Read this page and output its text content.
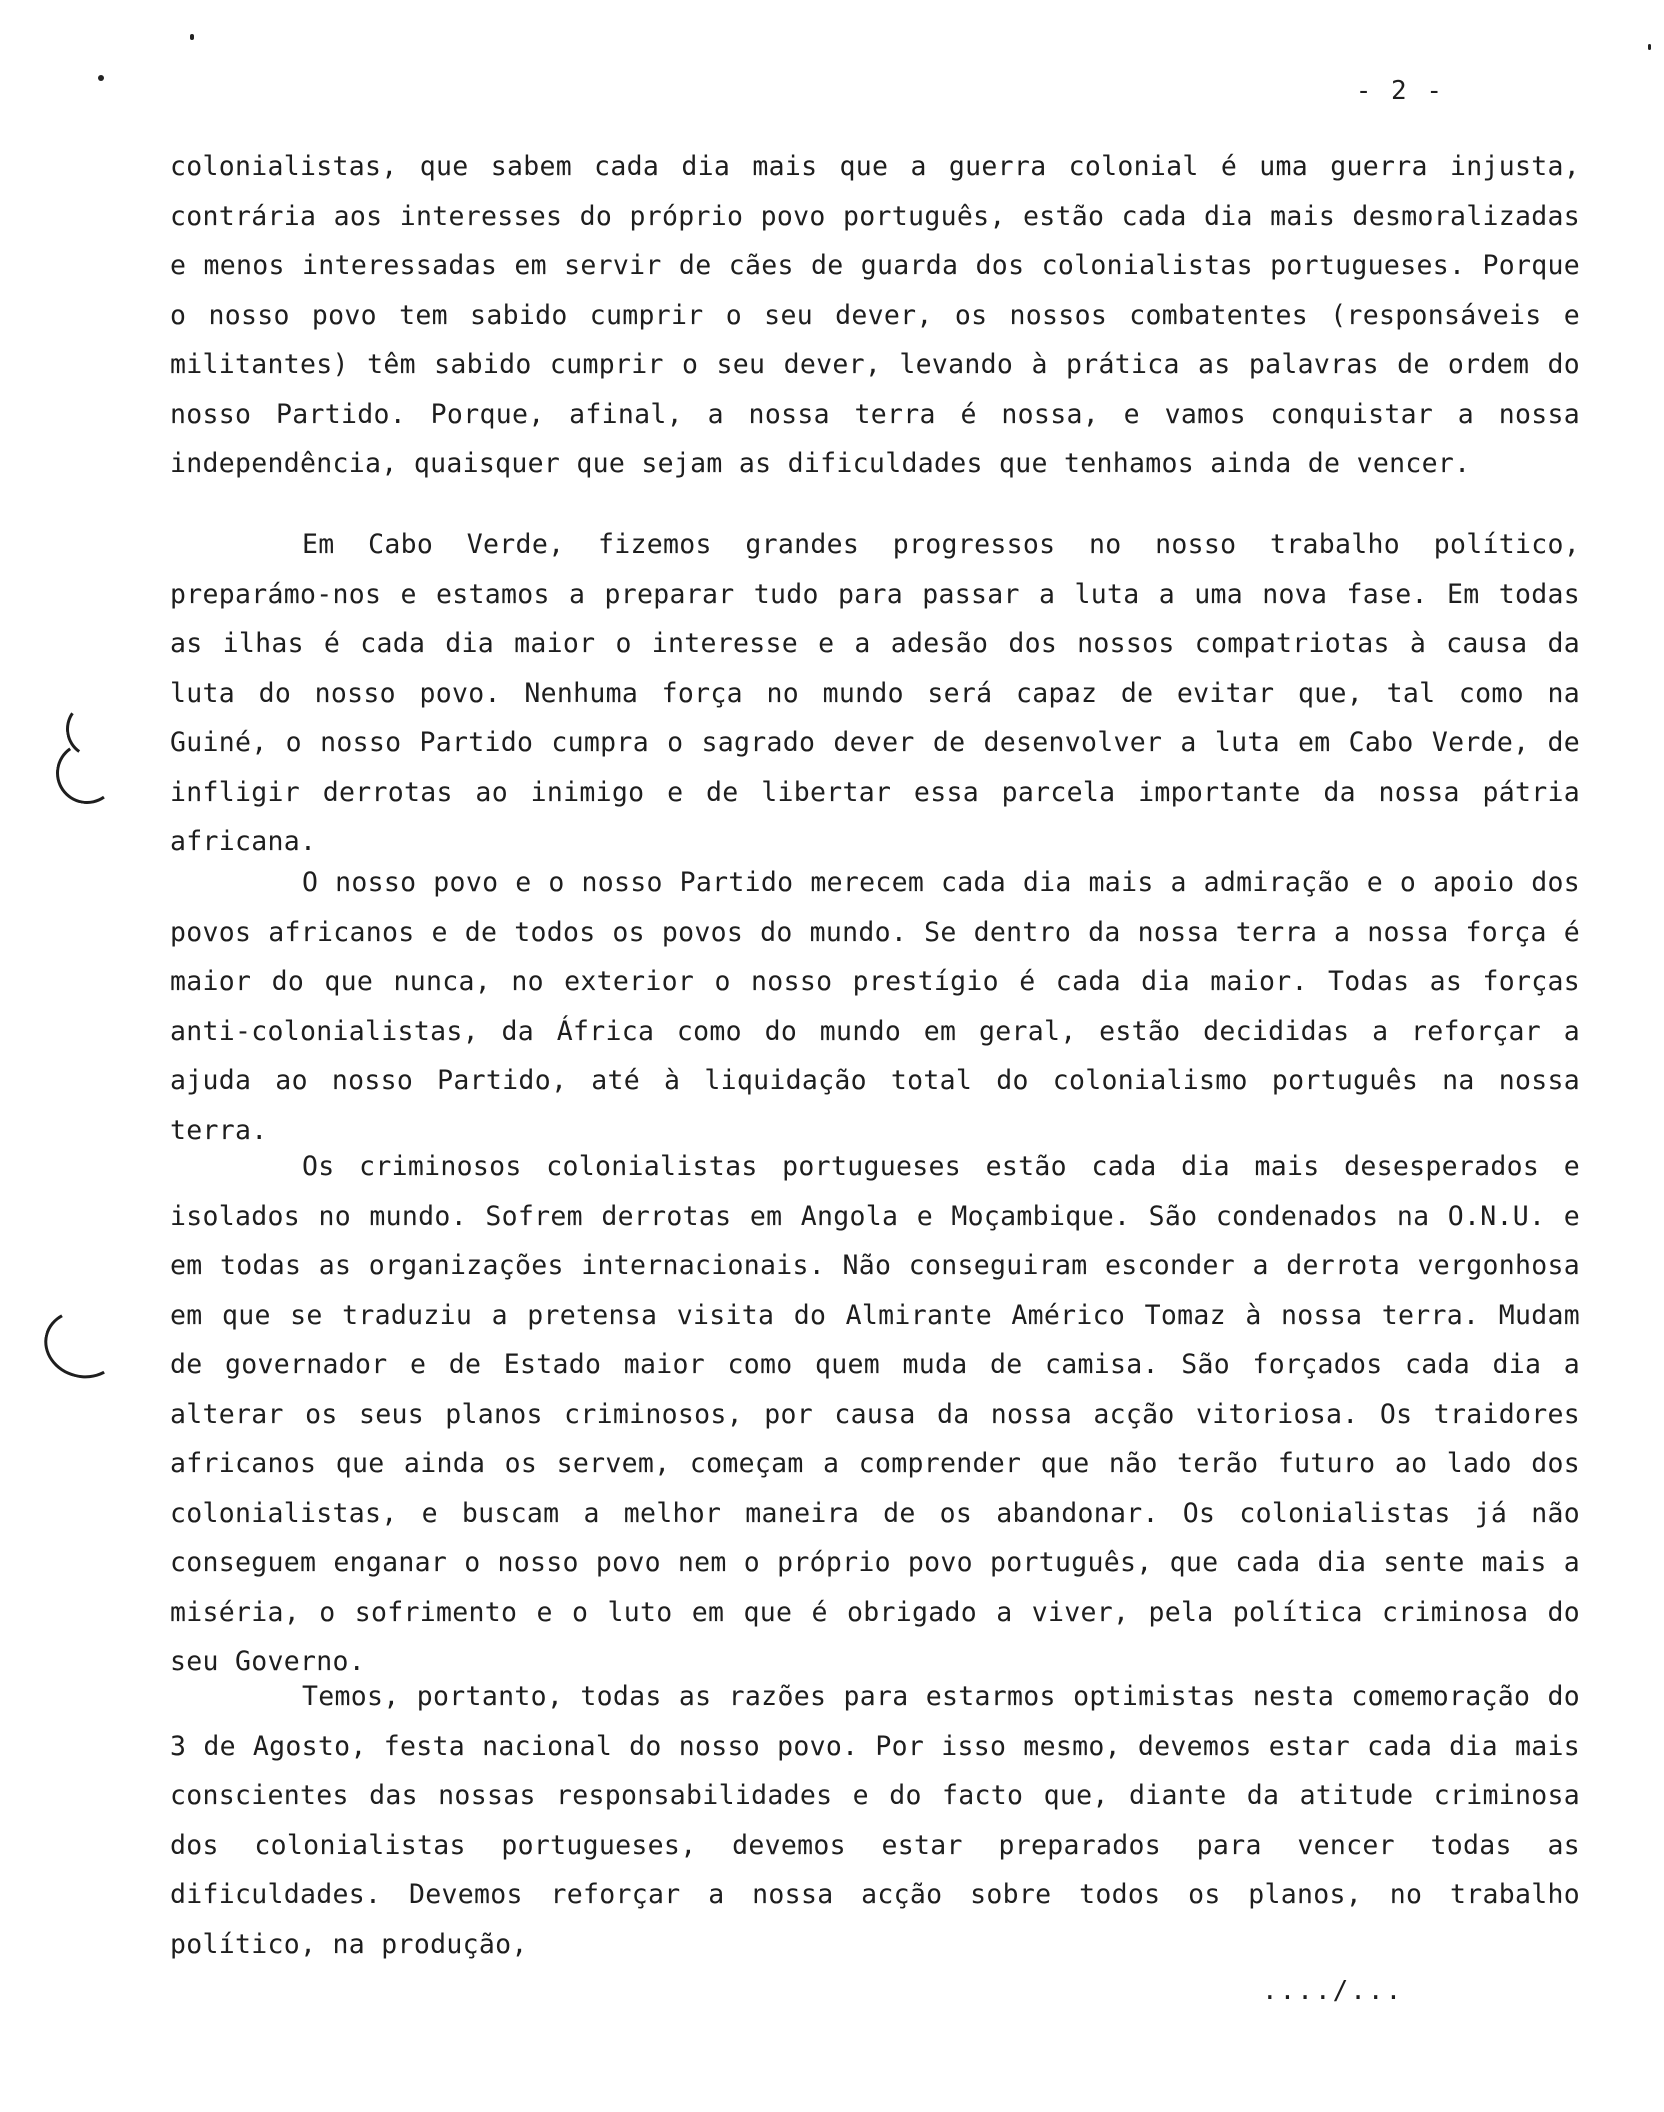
- 2 -

colonialistas, que sabem cada dia mais que a guerra colonial é uma guerra injusta, contrária aos interesses do próprio povo português, estão cada dia mais desmoralizadas e menos interessadas em servir de cães de guarda dos colonialistas portugueses. Porque o nosso povo tem sabido cumprir o seu dever, os nossos combatentes (responsáveis e militantes) têm sabido cumprir o seu dever, levando à prática as palavras de ordem do nosso Partido. Porque, afinal, a nossa terra é nossa, e vamos conquistar a nossa independência, quaisquer que sejam as dificuldades que tenhamos ainda de vencer.

Em Cabo Verde, fizemos grandes progressos no nosso trabalho político, preparámo-nos e estamos a preparar tudo para passar a luta a uma nova fase. Em todas as ilhas é cada dia maior o interesse e a adesão dos nossos compatriotas à causa da luta do nosso povo. Nenhuma força no mundo será capaz de evitar que, tal como na Guiné, o nosso Partido cumpra o sagrado dever de desenvolver a luta em Cabo Verde, de infligir derrotas ao inimigo e de libertar essa parcela importante da nossa pátria africana.

O nosso povo e o nosso Partido merecem cada dia mais a admiração e o apoio dos povos africanos e de todos os povos do mundo. Se dentro da nossa terra a nossa força é maior do que nunca, no exterior o nosso prestígio é cada dia maior. Todas as forças anti-colonialistas, da África como do mundo em geral, estão decididas a reforçar a ajuda ao nosso Partido, até à liquidação total do colonialismo português na nossa terra.

Os criminosos colonialistas portugueses estão cada dia mais desesperados e isolados no mundo. Sofrem derrotas em Angola e Moçambique. São condenados na O.N.U. e em todas as organizações internacionais. Não conseguiram esconder a derrota vergonhosa em que se traduziu a pretensa visita do Almirante Américo Tomaz à nossa terra. Mudam de governador e de Estado maior como quem muda de camisa. São forçados cada dia a alterar os seus planos criminosos, por causa da nossa acção vitoriosa. Os traidores africanos que ainda os servem, começam a comprender que não terão futuro ao lado dos colonialistas, e buscam a melhor maneira de os abandonar. Os colonialistas já não conseguem enganar o nosso povo nem o próprio povo português, que cada dia sente mais a miséria, o sofrimento e o luto em que é obrigado a viver, pela política criminosa do seu Governo.

Temos, portanto, todas as razões para estarmos optimistas nesta comemoração do 3 de Agosto, festa nacional do nosso povo. Por isso mesmo, devemos estar cada dia mais conscientes das nossas responsabilidades e do facto que, diante da atitude criminosa dos colonialistas portugueses, devemos estar preparados para vencer todas as dificuldades. Devemos reforçar a nossa acção sobre todos os planos, no trabalho político, na produção,

..../...
